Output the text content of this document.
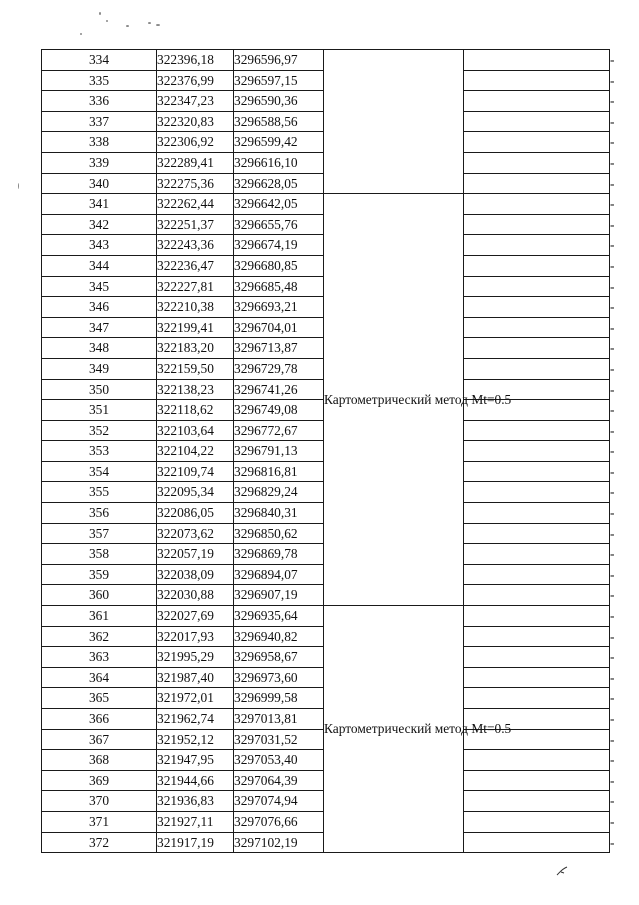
334	322396,18	3296596,97			-
335	322376,99	3296597,15			-
336	322347,23	3296590,36			-
337	322320,83	3296588,56			-
338	322306,92	3296599,42			-
339	322289,41	3296616,10			-
340	322275,36	3296628,05			-
341	322262,44	3296642,05	Картометрический метод Mt=0.5		-
342	322251,37	3296655,76			-
343	322243,36	3296674,19			-
344	322236,47	3296680,85			-
345	322227,81	3296685,48			-
346	322210,38	3296693,21			-
347	322199,41	3296704,01			-
348	322183,20	3296713,87			-
349	322159,50	3296729,78			-
350	322138,23	3296741,26			-
351	322118,62	3296749,08			-
352	322103,64	3296772,67			-
353	322104,22	3296791,13			-
354	322109,74	3296816,81			-
355	322095,34	3296829,24			-
356	322086,05	3296840,31			-
357	322073,62	3296850,62			-
358	322057,19	3296869,78			-
359	322038,09	3296894,07			-
360	322030,88	3296907,19			-
361	322027,69	3296935,64	Картометрический метод Mt=0.5		-
362	322017,93	3296940,82			-
363	321995,29	3296958,67			-
364	321987,40	3296973,60			-
365	321972,01	3296999,58			-
366	321962,74	3297013,81			-
367	321952,12	3297031,52			-
368	321947,95	3297053,40			-
369	321944,66	3297064,39			-
370	321936,83	3297074,94			-
371	321927,11	3297076,66			-
372	321917,19	3297102,19			-
